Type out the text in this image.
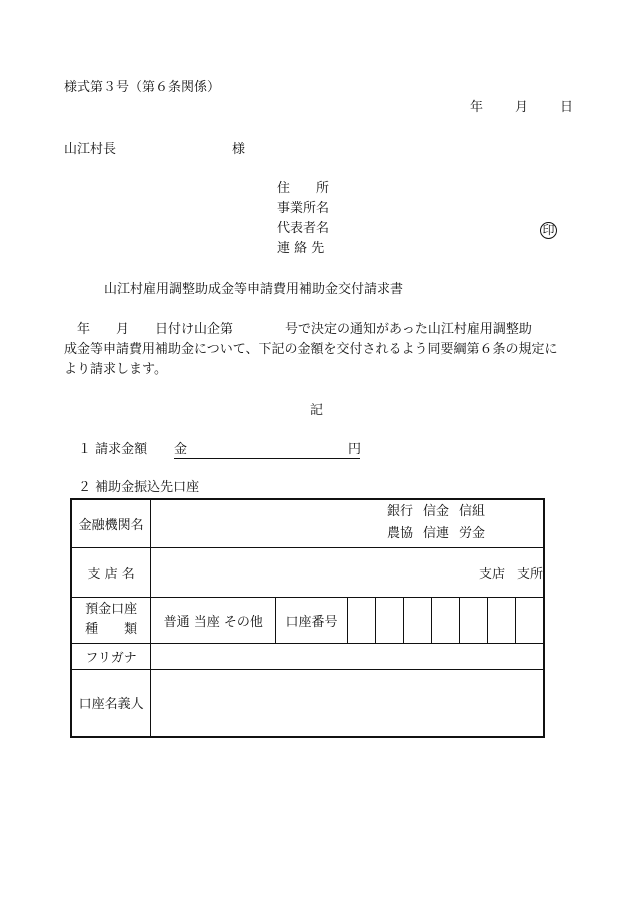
様式第３号（第６条関係）
年 月 日
山江村長	様
住　　所
事業所名
代表者名	印
連 絡 先
山江村雇用調整助成金等申請費用補助金交付請求書

　年　　月　　日付け山企第　　　　号で決定の通知があった山江村雇用調整助

成金等申請費用補助金について、下記の金額を交付されるよう同要綱第６条の規定に

より請求します。

記
１ 請求金額 金	円
２ 補助金振込先口座
金融機関名	銀行 信金 信組
農協 信連 労金								

支 店 名	支店 支所								

預金口座
種　　類	普通 当座 その他	口座番号							
フリガナ									
口座名義人									
